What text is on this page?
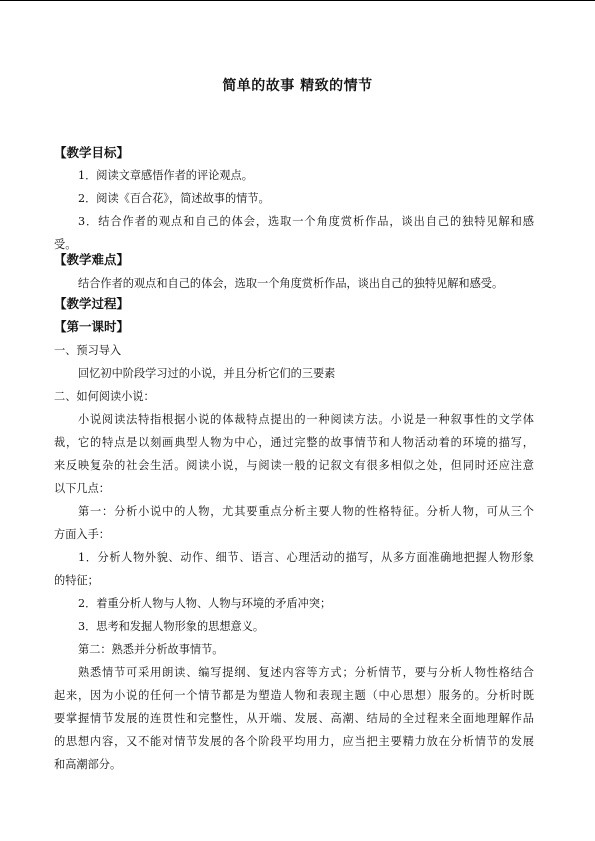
简单的故事 精致的情节
【教学目标】
1．阅读文章感悟作者的评论观点。
2．阅读《百合花》，简述故事的情节。
3．结合作者的观点和自己的体会，选取一个角度赏析作品，谈出自己的独特见解和感
受。
【教学难点】
结合作者的观点和自己的体会，选取一个角度赏析作品，谈出自己的独特见解和感受。
【教学过程】
【第一课时】
一、预习导入
回忆初中阶段学习过的小说，并且分析它们的三要素
二、如何阅读小说：
小说阅读法特指根据小说的体裁特点提出的一种阅读方法。小说是一种叙事性的文学体
裁，它的特点是以刻画典型人物为中心，通过完整的故事情节和人物活动着的环境的描写，
来反映复杂的社会生活。阅读小说，与阅读一般的记叙文有很多相似之处，但同时还应注意
以下几点：
第一：分析小说中的人物，尤其要重点分析主要人物的性格特征。分析人物，可从三个
方面入手：
1．分析人物外貌、动作、细节、语言、心理活动的描写，从多方面准确地把握人物形象
的特征；
2．着重分析人物与人物、人物与环境的矛盾冲突；
3．思考和发掘人物形象的思想意义。
第二：熟悉并分析故事情节。
熟悉情节可采用朗读、编写提纲、复述内容等方式；分析情节，要与分析人物性格结合
起来，因为小说的任何一个情节都是为塑造人物和表现主题（中心思想）服务的。分析时既
要掌握情节发展的连贯性和完整性，从开端、发展、高潮、结局的全过程来全面地理解作品
的思想内容，又不能对情节发展的各个阶段平均用力，应当把主要精力放在分析情节的发展
和高潮部分。
